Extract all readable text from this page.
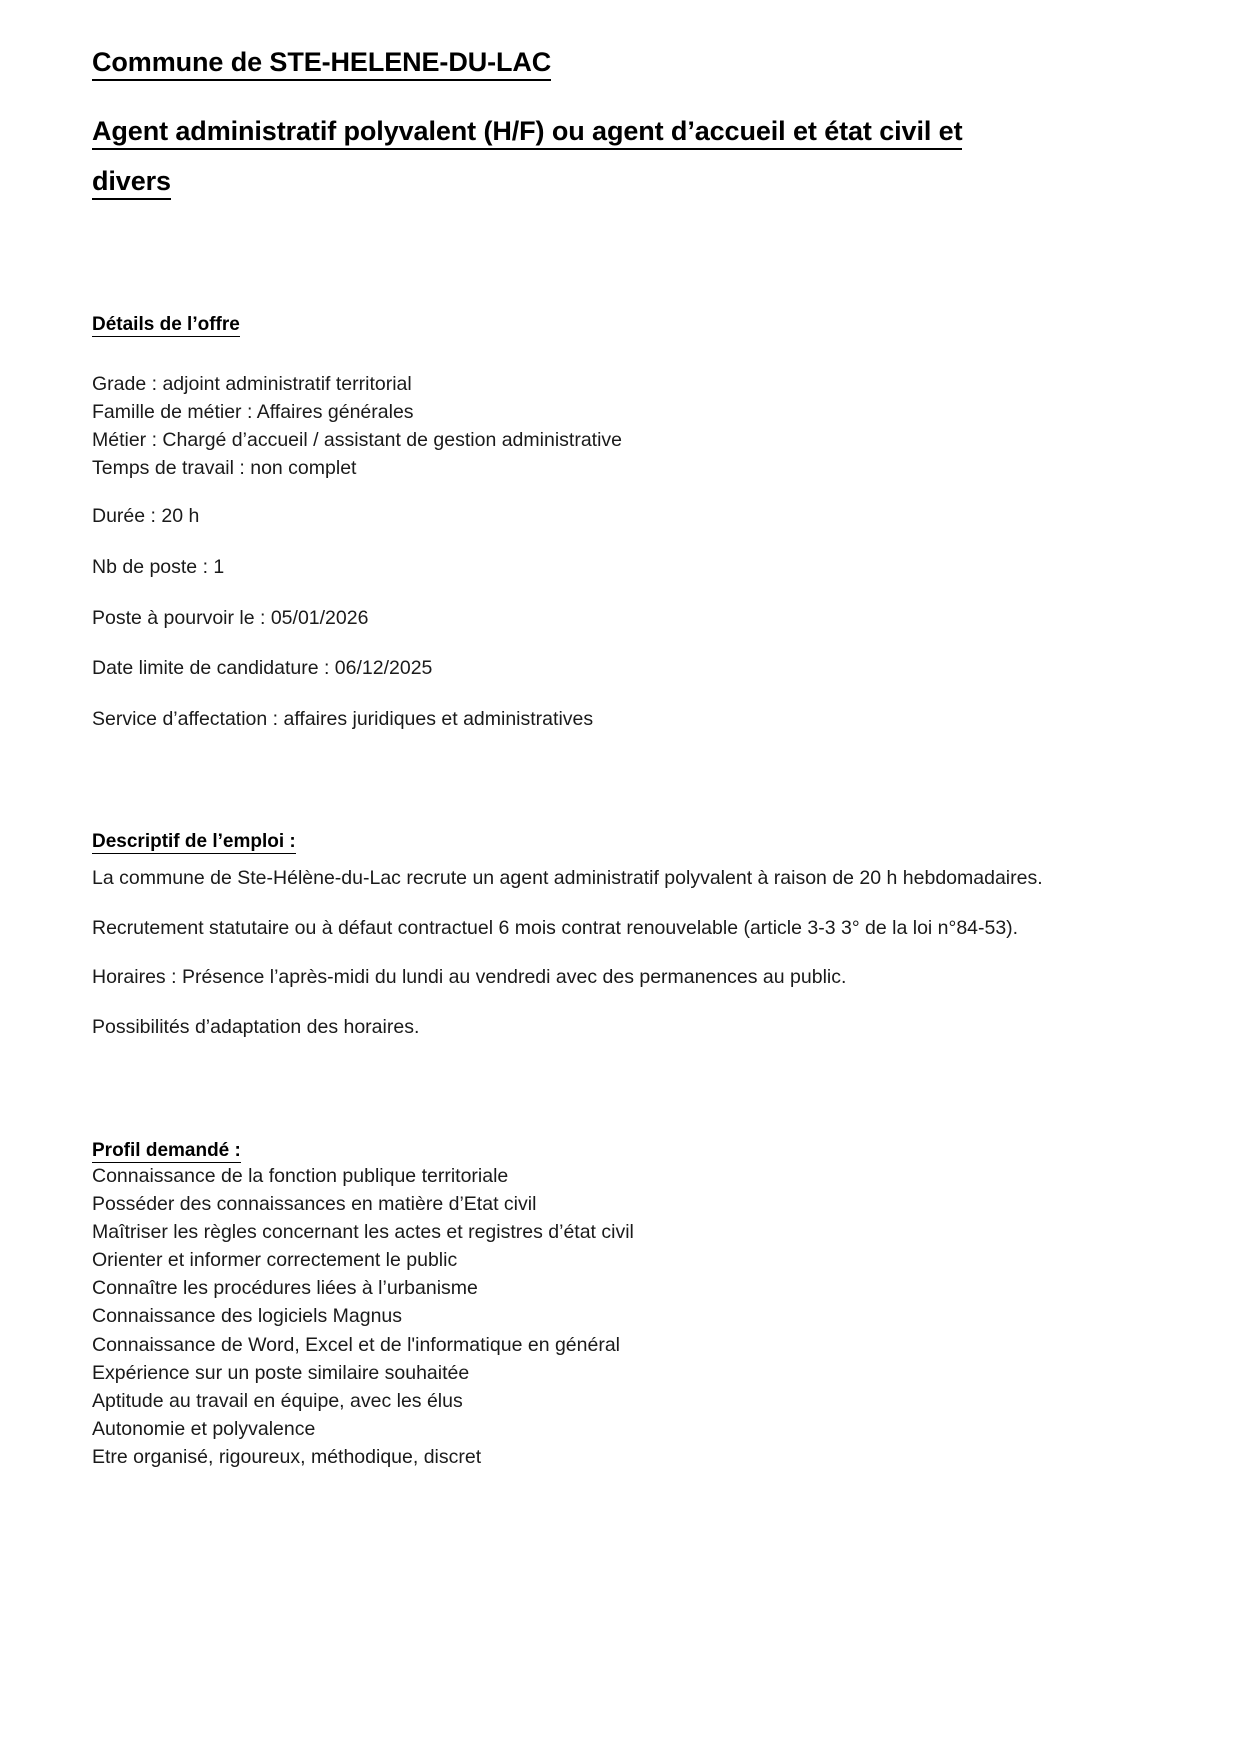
Commune de STE-HELENE-DU-LAC
Agent administratif polyvalent (H/F) ou agent d’accueil et état civil et divers
Détails de l’offre

Grade : adjoint administratif territorial

Famille de métier : Affaires générales

Métier : Chargé d’accueil / assistant de gestion administrative

Temps de travail : non complet

Durée : 20 h

Nb de poste : 1

Poste à pourvoir le : 05/01/2026

Date limite de candidature : 06/12/2025

Service d’affectation : affaires juridiques et administratives

Descriptif de l’emploi :

La commune de Ste-Hélène-du-Lac recrute un agent administratif polyvalent à raison de 20 h hebdomadaires.

Recrutement statutaire ou à défaut contractuel 6 mois contrat renouvelable (article 3-3 3° de la loi n°84-53).

Horaires : Présence l’après-midi du lundi au vendredi avec des permanences au public.

Possibilités d’adaptation des horaires.

Profil demandé :

Connaissance de la fonction publique territoriale

Posséder des connaissances en matière d’Etat civil

Maîtriser les règles concernant les actes et registres d’état civil

Orienter et informer correctement le public

Connaître les procédures liées à l’urbanisme

Connaissance des logiciels Magnus

Connaissance de Word, Excel et de l'informatique en général

Expérience sur un poste similaire souhaitée

Aptitude au travail en équipe, avec les élus

Autonomie et polyvalence

Etre organisé, rigoureux, méthodique, discret
